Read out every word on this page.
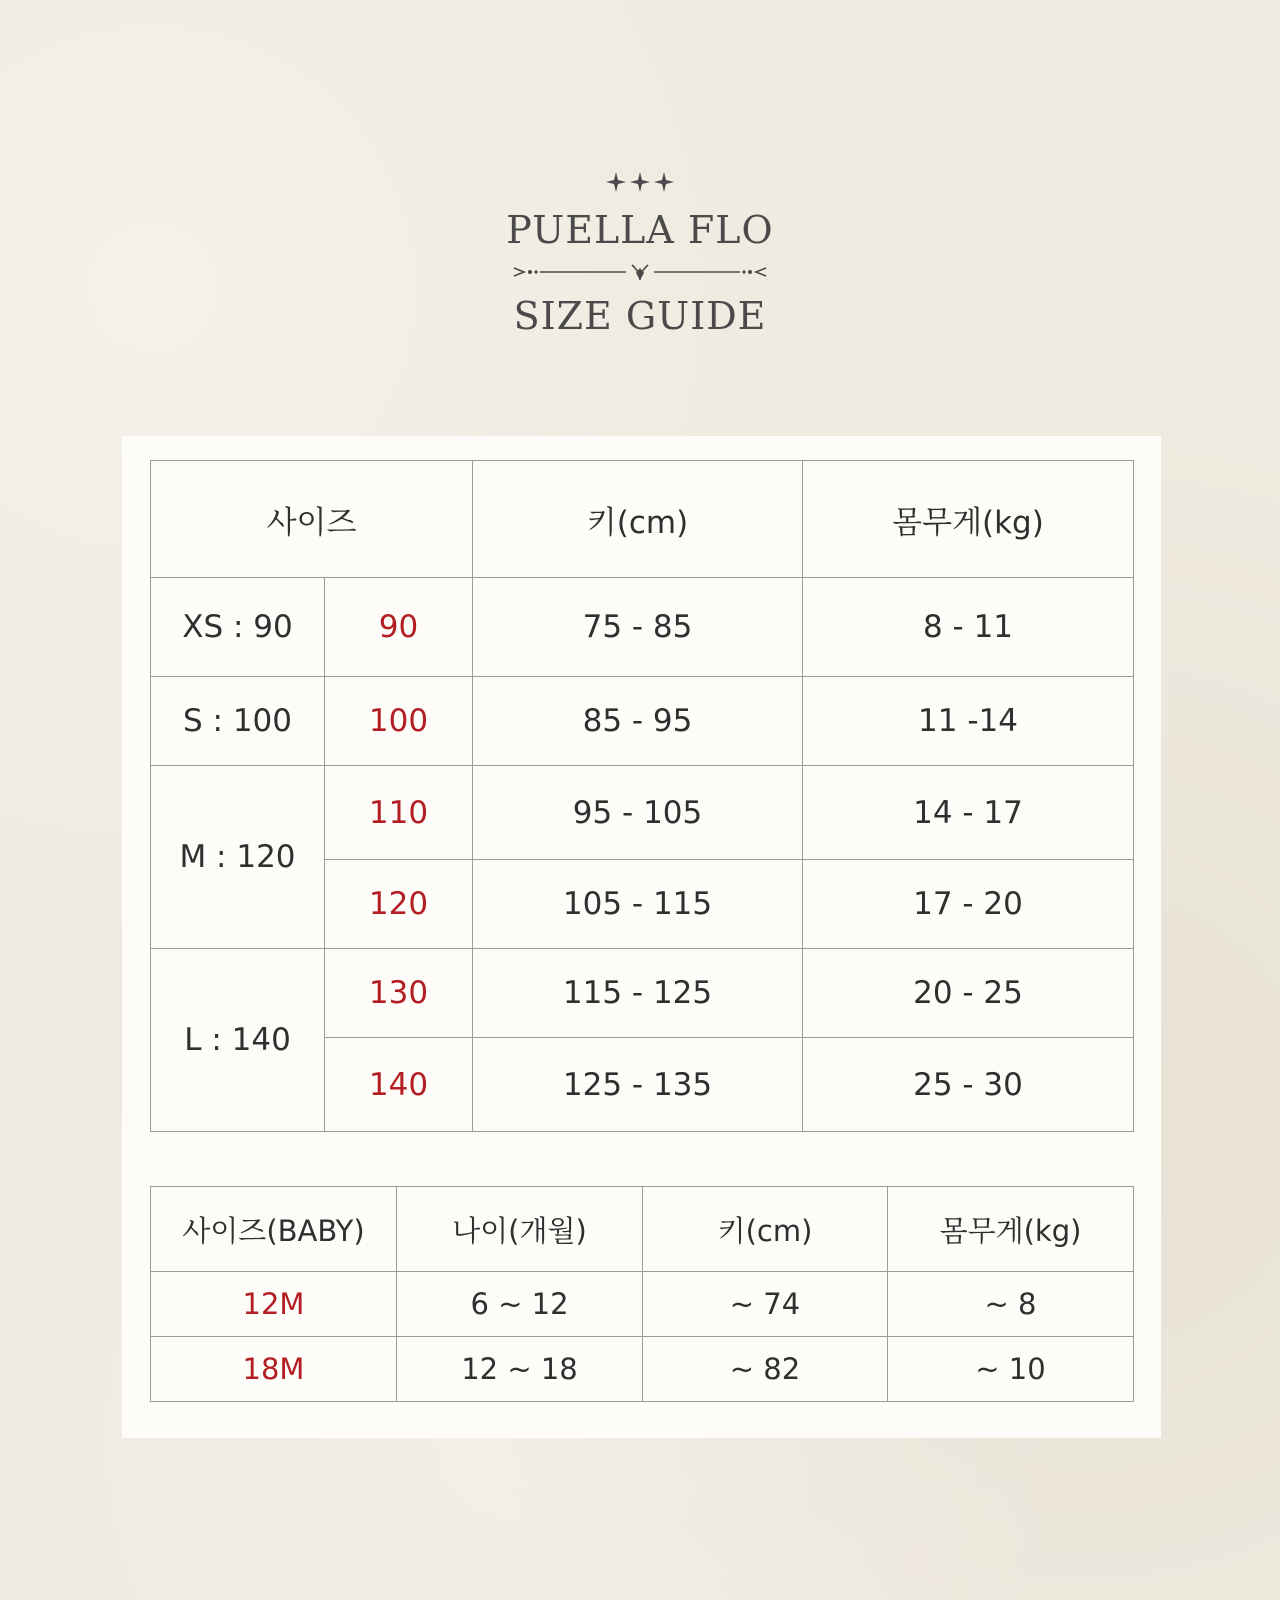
PUELLA FLO
SIZE GUIDE
사이즈		키(cm)	몸무게(kg)
XS : 90	90	75 - 85	8 - 11
S : 100	100	85 - 95	11 -14
M : 120	110	95 - 105	14 - 17
	120	105 - 115	17 - 20
L : 140	130	115 - 125	20 - 25
	140	125 - 135	25 - 30
사이즈(BABY)	나이(개월)	키(cm)	몸무게(kg)
12M	6 ~ 12	~ 74	~ 8
18M	12 ~ 18	~ 82	~ 10
